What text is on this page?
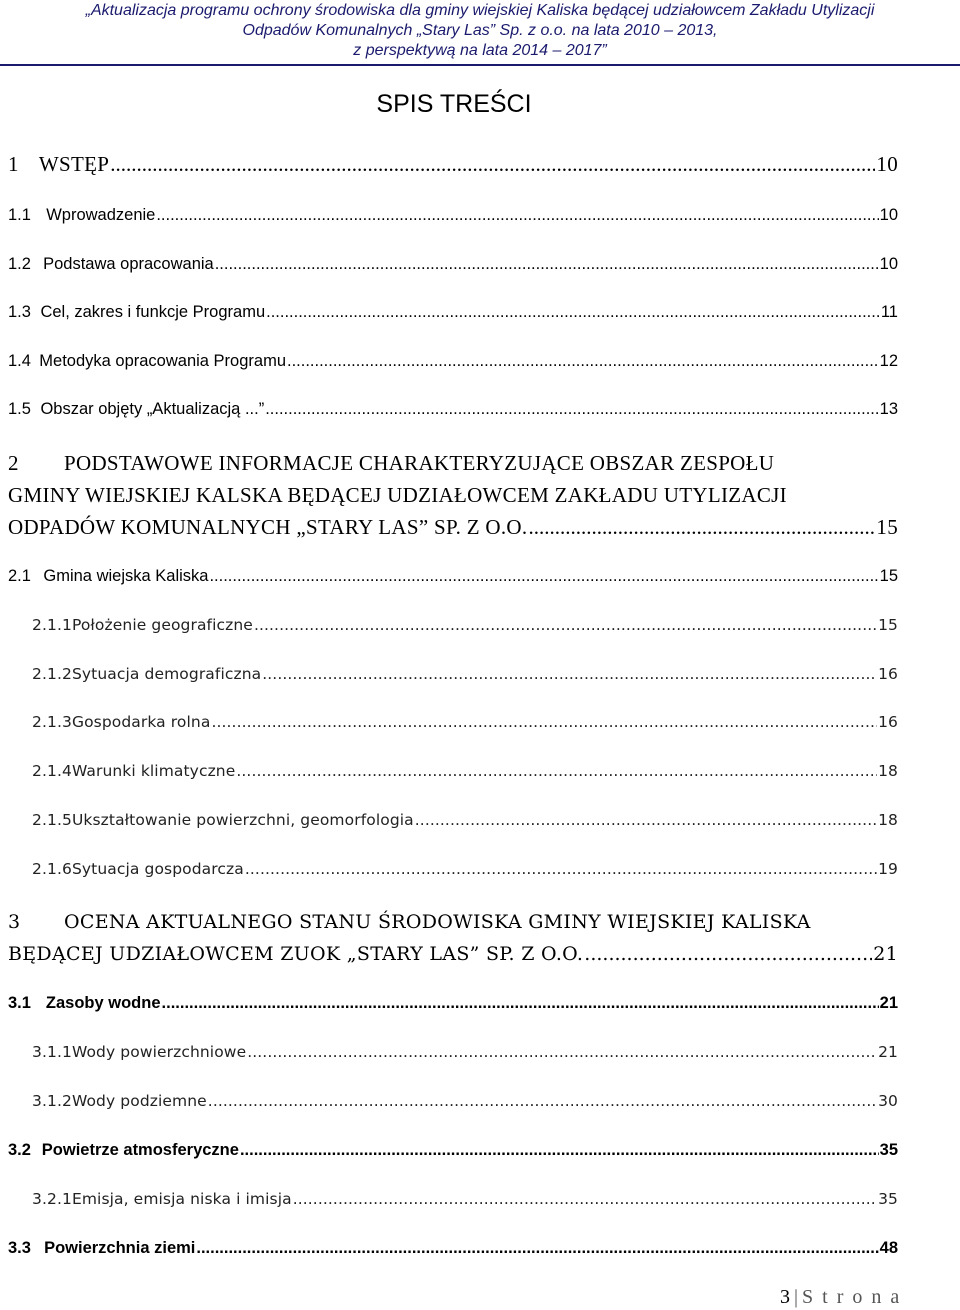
„Aktualizacja programu ochrony środowiska dla gminy wiejskiej Kaliska będącej udziałowcem Zakładu Utylizacji
Odpadów Komunalnych „Stary Las” Sp. z o.o. na lata 2010 – 2013,
z perspektywą na lata 2014 – 2017”
SPIS TREŚCI
1 WSTĘP .....	10
1.1 Wprowadzenie .....	10
1.2 Podstawa opracowania .....	10
1.3 Cel, zakres i funkcje Programu .....	11
1.4 Metodyka opracowania Programu .....	12
1.5 Obszar objęty „Aktualizacją ...” .....	13
2 PODSTAWOWE INFORMACJE CHARAKTERYZUJĄCE OBSZAR ZESPOŁU
GMINY WIEJSKIEJ KALSKA BĘDĄCEJ UDZIAŁOWCEM ZAKŁADU UTYLIZACJI
ODPADÓW KOMUNALNYCH „STARY LAS” SP. Z O.O. .....	15
2.1 Gmina wiejska Kaliska .....	15
2.1.1 Położenie geograficzne .....	15
2.1.2 Sytuacja demograficzna .....	16
2.1.3 Gospodarka rolna .....	16
2.1.4 Warunki klimatyczne .....	18
2.1.5 Ukształtowanie powierzchni, geomorfologia .....	18
2.1.6 Sytuacja gospodarcza .....	19
3 OCENA AKTUALNEGO STANU ŚRODOWISKA GMINY WIEJSKIEJ KALISKA
BĘDĄCEJ UDZIAŁOWCEM ZUOK „STARY LAS” SP. Z O.O. .....	21
3.1 Zasoby wodne .....	21
3.1.1 Wody powierzchniowe .....	21
3.1.2 Wody podziemne .....	30
3.2 Powietrze atmosferyczne .....	35
3.2.1 Emisja, emisja niska i imisja .....	35
3.3 Powierzchnia ziemi .....	48
3 | S t r o n a
